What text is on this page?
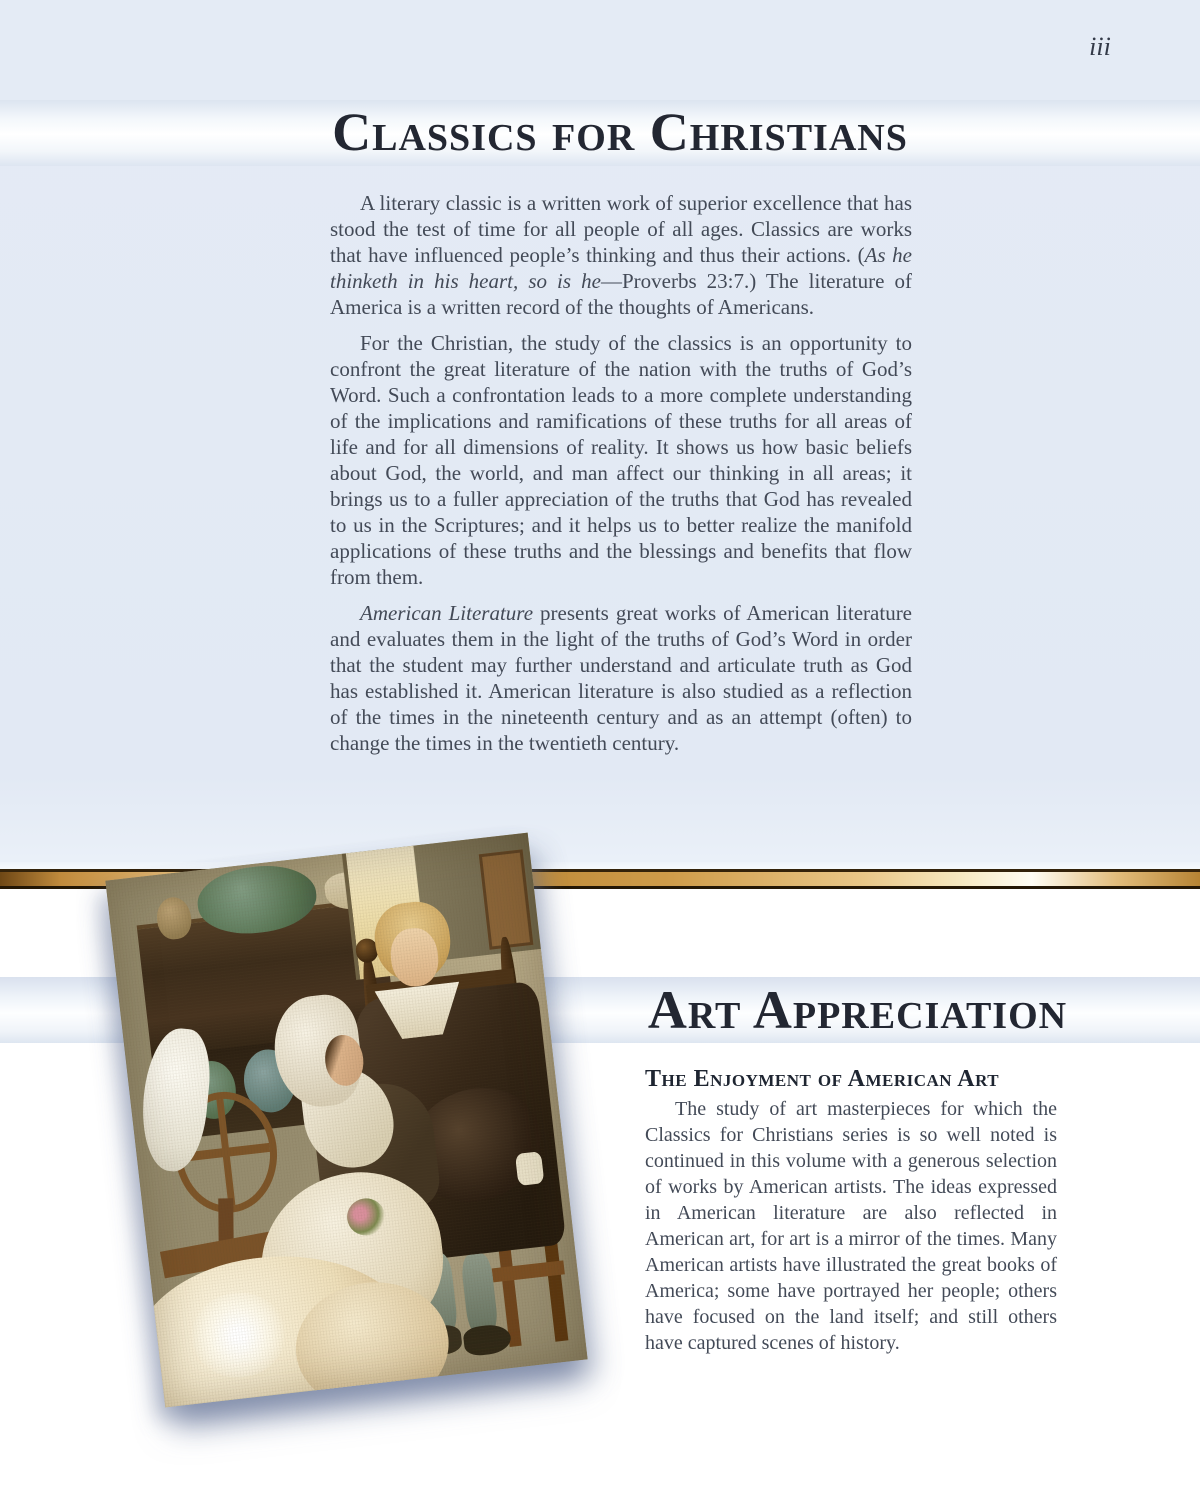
iii
Classics for Christians

A literary classic is a written work of superior excellence that has stood the test of time for all people of all ages. Classics are works that have influenced people’s thinking and thus their actions. (As he thinketh in his heart, so is he—Proverbs 23:7.) The literature of America is a written record of the thoughts of Americans.

For the Christian, the study of the classics is an opportunity to confront the great literature of the nation with the truths of God’s Word. Such a confrontation leads to a more complete understanding of the implications and ramifications of these truths for all areas of life and for all dimensions of reality. It shows us how basic beliefs about God, the world, and man affect our thinking in all areas; it brings us to a fuller appreciation of the truths that God has revealed to us in the Scriptures; and it helps us to better realize the manifold applications of these truths and the blessings and benefits that flow from them.

American Literature presents great works of American literature and evaluates them in the light of the truths of God’s Word in order that the student may further understand and articulate truth as God has established it. American literature is also studied as a reflection of the times in the nineteenth century and as an attempt (often) to change the times in the twentieth century.

Art Appreciation
The Enjoyment of American Art

The study of art masterpieces for which the Classics for Christians series is so well noted is continued in this volume with a generous selection of works by American artists. The ideas expressed in American literature are also reflected in American art, for art is a mirror of the times. Many American artists have illustrated the great books of America; some have portrayed her people; others have focused on the land itself; and still others have captured scenes of history.
